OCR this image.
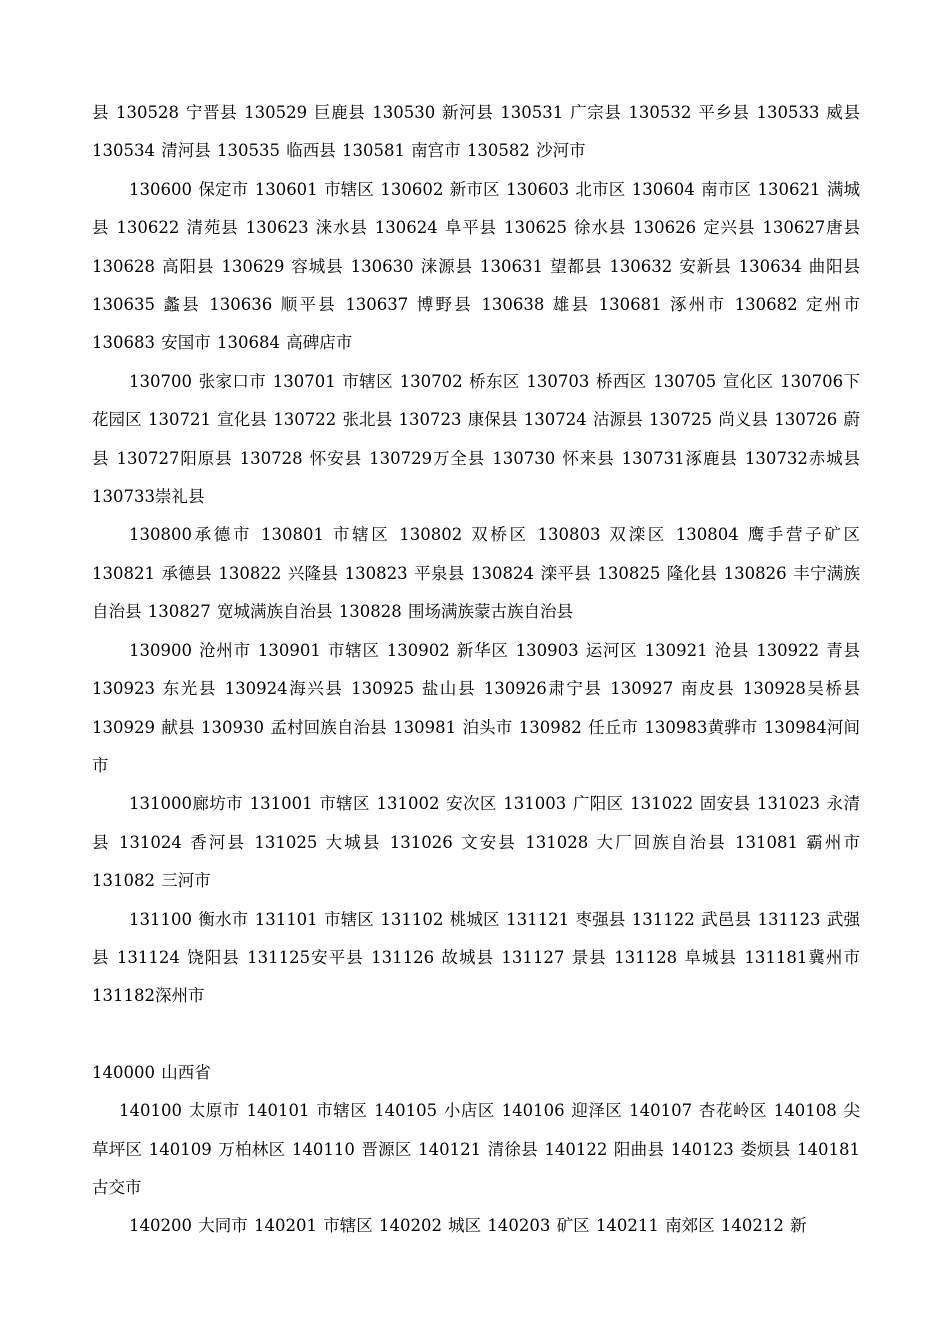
县 130528 宁晋县 130529 巨鹿县 130530 新河县 130531 广宗县 130532 平乡县 130533 威县 130534 清河县 130535 临西县 130581 南宫市 130582 沙河市

130600 保定市 130601 市辖区 130602 新市区 130603 北市区 130604 南市区 130621 满城县 130622 清苑县 130623 涞水县 130624 阜平县 130625 徐水县 130626 定兴县 130627唐县 130628 高阳县 130629 容城县 130630 涞源县 130631 望都县 130632 安新县 130634 曲阳县 130635 蠡县 130636 顺平县 130637 博野县 130638 雄县 130681 涿州市 130682 定州市 130683 安国市 130684 高碑店市

130700 张家口市 130701 市辖区 130702 桥东区 130703 桥西区 130705 宣化区 130706下花园区 130721 宣化县 130722 张北县 130723 康保县 130724 沽源县 130725 尚义县 130726 蔚县 130727阳原县 130728 怀安县 130729万全县 130730 怀来县 130731涿鹿县 130732赤城县 130733崇礼县

130800承德市 130801 市辖区 130802 双桥区 130803 双滦区 130804 鹰手营子矿区 130821 承德县 130822 兴隆县 130823 平泉县 130824 滦平县 130825 隆化县 130826 丰宁满族自治县 130827 宽城满族自治县 130828 围场满族蒙古族自治县

130900 沧州市 130901 市辖区 130902 新华区 130903 运河区 130921 沧县 130922 青县 130923 东光县 130924海兴县 130925 盐山县 130926肃宁县 130927 南皮县 130928吴桥县 130929 献县 130930 孟村回族自治县 130981 泊头市 130982 任丘市 130983黄骅市 130984河间市

131000廊坊市 131001 市辖区 131002 安次区 131003 广阳区 131022 固安县 131023 永清县 131024 香河县 131025 大城县 131026 文安县 131028 大厂回族自治县 131081 霸州市 131082 三河市

131100 衡水市 131101 市辖区 131102 桃城区 131121 枣强县 131122 武邑县 131123 武强县 131124 饶阳县 131125安平县 131126 故城县 131127 景县 131128 阜城县 131181冀州市 131182深州市

140000 山西省

140100 太原市 140101 市辖区 140105 小店区 140106 迎泽区 140107 杏花岭区 140108 尖草坪区 140109 万柏林区 140110 晋源区 140121 清徐县 140122 阳曲县 140123 娄烦县 140181 古交市

140200 大同市 140201 市辖区 140202 城区 140203 矿区 140211 南郊区 140212 新
